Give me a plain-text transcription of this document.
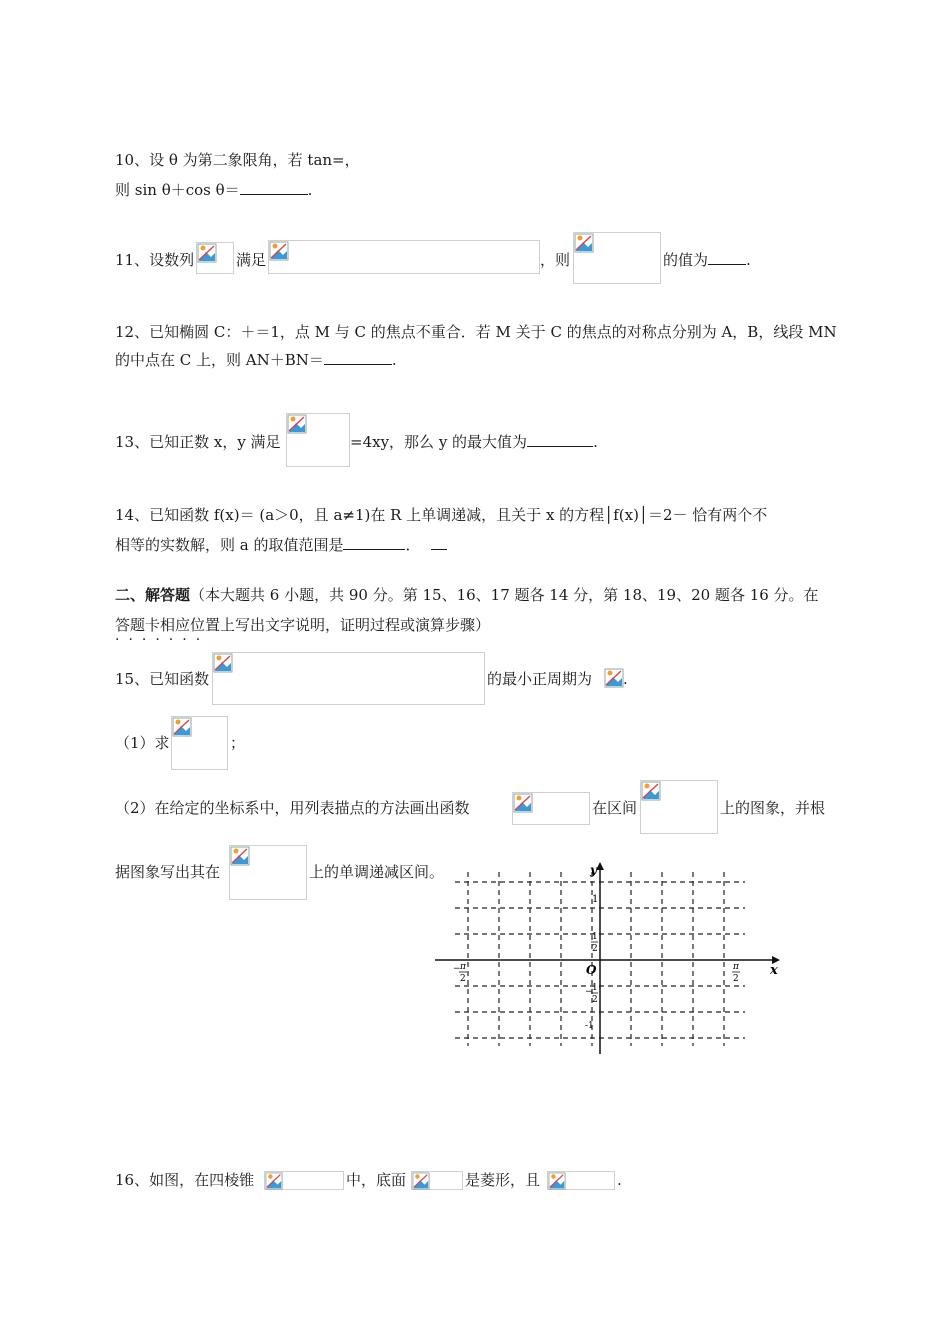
10、设 θ 为第二象限角，若 tan=，
则 sin θ＋cos θ＝	.
11、设数列	满足	，则	的值为	.
12、已知椭圆 C：＋＝1，点 M 与 C 的焦点不重合．若 M 关于 C 的焦点的对称点分别为 A，B，线段 MN
的中点在 C 上，则 AN＋BN＝	.
13、已知正数 x，y 满足	=4xy，那么 y 的最大值为	.
14、已知函数 f(x)＝ (a＞0，且 a≠1)在 R 上单调递减，且关于 x 的方程│f(x)│＝2－ 恰有两个不
相等的实数解，则 a 的取值范围是	．
二、解答题（本大题共 6 小题，共 90 分。第 15、16、17 题各 14 分，第 18、19、20 题各 16 分。在
答题卡相应位置上写出文字说明，证明过程或演算步骤）
·······
15、已知函数	的最小正周期为 .
（1）求	；
（2）在给定的坐标系中，用列表描点的方法画出函数	在区间	上的图象，并根
据图象写出其在	上的单调递减区间。	y
x
O
1
1
2
− 1
2
-1
− π
2
π
2
16、如图，在四棱锥	中，底面	是菱形，且	.
